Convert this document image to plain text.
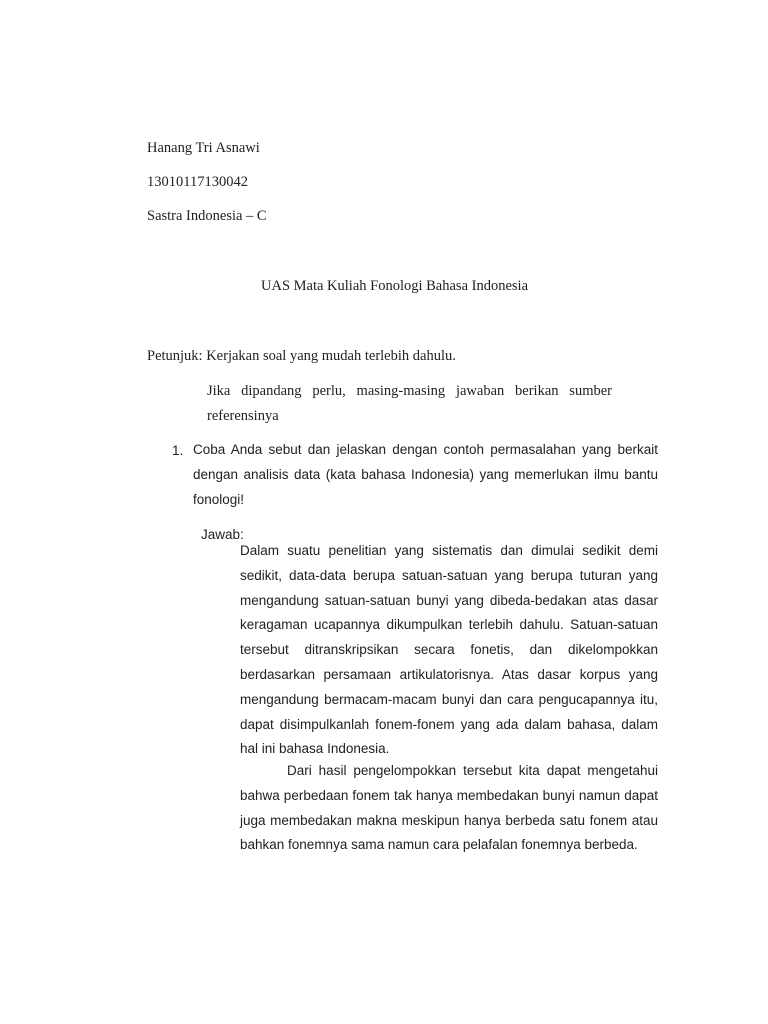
Hanang Tri Asnawi
13010117130042
Sastra Indonesia – C
UAS Mata Kuliah Fonologi Bahasa Indonesia
Petunjuk: Kerjakan soal yang mudah terlebih dahulu.
Jika dipandang perlu, masing-masing jawaban berikan sumber referensinya
1. Coba Anda sebut dan jelaskan dengan contoh permasalahan yang berkait dengan analisis data (kata bahasa Indonesia) yang memerlukan ilmu bantu fonologi!
Jawab:
Dalam suatu penelitian yang sistematis dan dimulai sedikit demi sedikit, data-data berupa satuan-satuan yang berupa tuturan yang mengandung satuan-satuan bunyi yang dibeda-bedakan atas dasar keragaman ucapannya dikumpulkan terlebih dahulu. Satuan-satuan tersebut ditranskripsikan secara fonetis, dan dikelompokkan berdasarkan persamaan artikulatorisnya. Atas dasar korpus yang mengandung bermacam-macam bunyi dan cara pengucapannya itu, dapat disimpulkanlah fonem-fonem yang ada dalam bahasa, dalam hal ini bahasa Indonesia.
Dari hasil pengelompokkan tersebut kita dapat mengetahui bahwa perbedaan fonem tak hanya membedakan bunyi namun dapat juga membedakan makna meskipun hanya berbeda satu fonem atau bahkan fonemnya sama namun cara pelafalan fonemnya berbeda.
